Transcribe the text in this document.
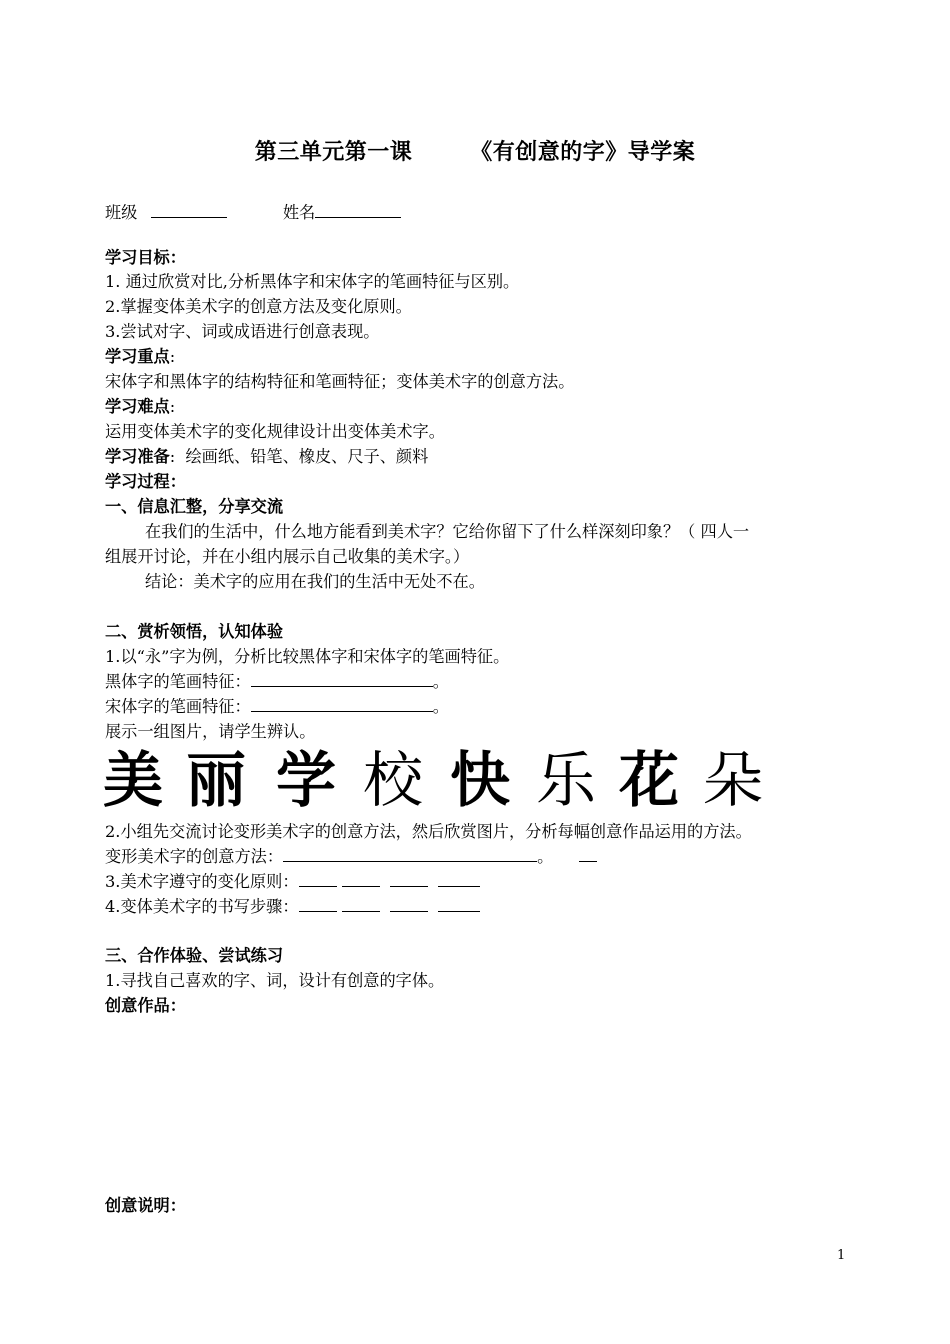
第三单元第一课	《有创意的字》导学案
班级	姓名
学习目标：
1. 通过欣赏对比,分析黑体字和宋体字的笔画特征与区别。
2.掌握变体美术字的创意方法及变化原则。
3.尝试对字、词或成语进行创意表现。
学习重点:
宋体字和黑体字的结构特征和笔画特征；变体美术字的创意方法。
学习难点:
运用变体美术字的变化规律设计出变体美术字。
学习准备:  绘画纸、铅笔、橡皮、尺子、颜料
学习过程：
一、信息汇整，分享交流
在我们的生活中，什么地方能看到美术字？它给你留下了什么样深刻印象？（ 四人一
组展开讨论，并在小组内展示自己收集的美术字。）
结论：美术字的应用在我们的生活中无处不在。
二、赏析领悟，认知体验
1.以“永”字为例，分析比较黑体字和宋体字的笔画特征。
黑体字的笔画特征：	。
宋体字的笔画特征：	。
展示一组图片，请学生辨认。
美 丽 学 校 快 乐 花 朵
2.小组先交流讨论变形美术字的创意方法，然后欣赏图片，分析每幅创意作品运用的方法。
变形美术字的创意方法：	。
3.美术字遵守的变化原则：
4.变体美术字的书写步骤：
三、合作体验、尝试练习
1.寻找自己喜欢的字、词，设计有创意的字体。
创意作品：
创意说明：
1
